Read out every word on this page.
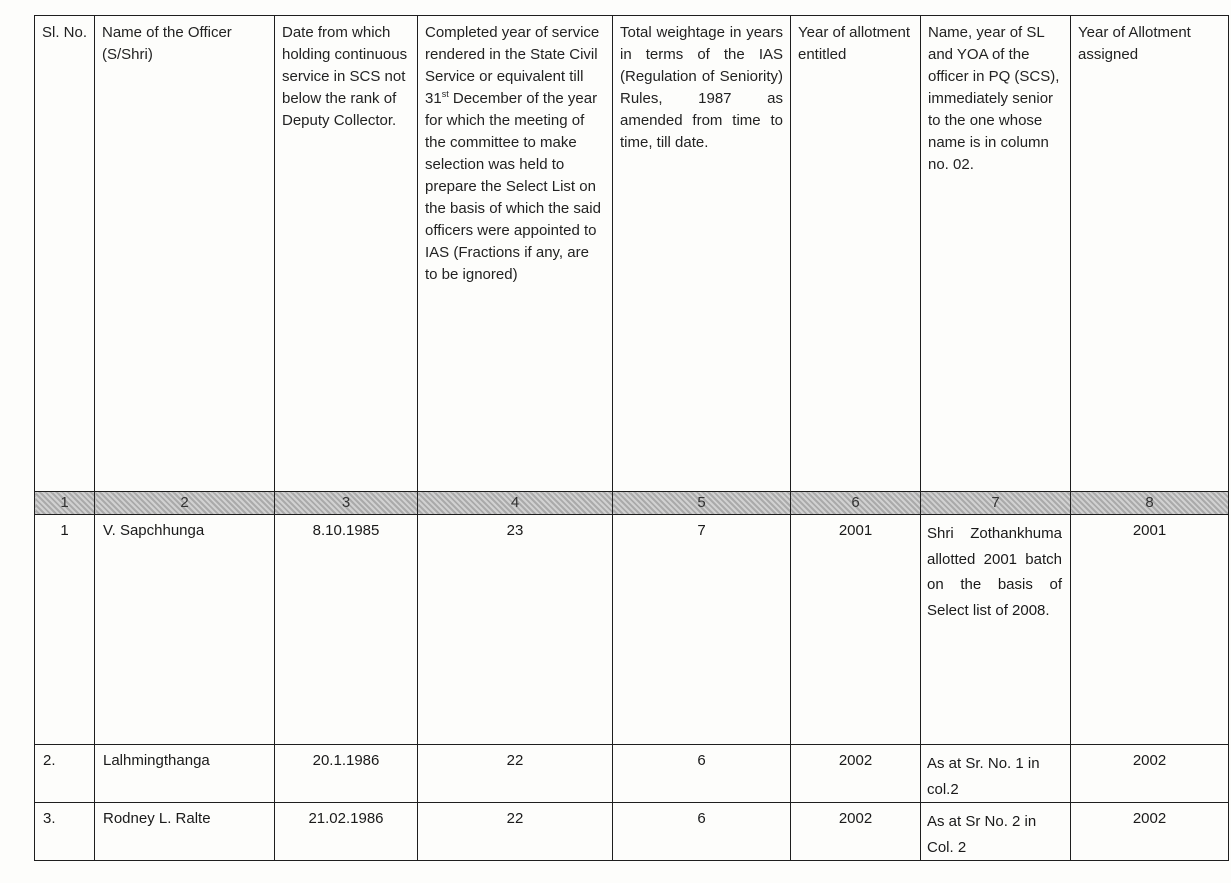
Sl. No.	Name of the Officer (S/Shri)	Date from which holding continuous service in SCS not below the rank of Deputy Collector.	Completed year of service rendered in the State Civil Service or equivalent till 31st December of the year for which the meeting of the committee to make selection was held to prepare the Select List on the basis of which the said officers were appointed to IAS (Fractions if any, are to be ignored)	Total weightage in years in terms of the IAS (Regulation of Seniority) Rules, 1987 as amended from time to time, till date.	Year of allotment entitled	Name, year of SL and YOA of the officer in PQ (SCS), immediately senior to the one whose name is in column no. 02.	Year of Allotment assigned

1	2	3	4	5	6	7	8

1	V. Sapchhunga	8.10.1985	23	7	2001	Shri Zothankhuma allotted 2001 batch on the basis of Select list of 2008.	2001

2.	Lalhmingthanga	20.1.1986	22	6	2002	As at Sr. No. 1 in col.2	2002

3.	Rodney L. Ralte	21.02.1986	22	6	2002	As at Sr No. 2 in Col. 2	2002
